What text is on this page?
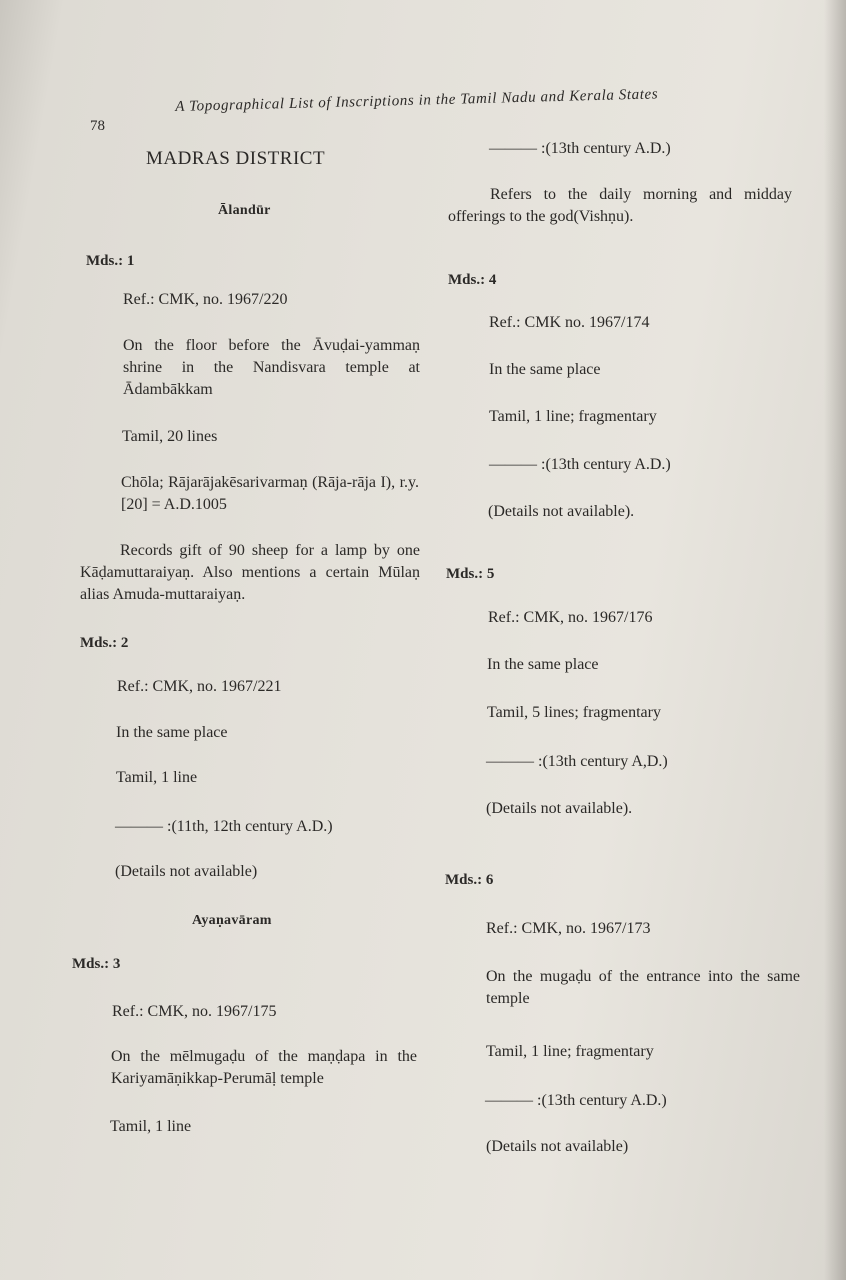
78
A Topographical List of Inscriptions in the Tamil Nadu and Kerala States
MADRAS DISTRICT
Ālandūr
Mds.: 1
Ref.: CMK, no. 1967/220
On the floor before the Āvuḍai-yammaṇ shrine in the Nandisvara temple at Ādambākkam
Tamil, 20 lines
Chōla; Rājarājakēsarivarmaṇ (Rāja-rāja I), r.y.[20] = A.D.1005
Records gift of 90 sheep for a lamp by one Kāḍamuttaraiyaṇ. Also mentions a certain Mūlaṇ alias Amuda-muttaraiyaṇ.
Mds.: 2
Ref.: CMK, no. 1967/221
In the same place
Tamil, 1 line
——— :(11th, 12th century A.D.)
(Details not available)
Ayaṇavāram
Mds.: 3
Ref.: CMK, no. 1967/175
On the mēlmugaḍu of the maṇḍapa in the Kariyamāṇikkap-Perumāḷ temple
Tamil, 1 line
——— :(13th century A.D.)
Refers to the daily morning and midday offerings to the god(Vishṇu).
Mds.: 4
Ref.: CMK no. 1967/174
In the same place
Tamil, 1 line; fragmentary
——— :(13th century A.D.)
(Details not available).
Mds.: 5
Ref.: CMK, no. 1967/176
In the same place
Tamil, 5 lines; fragmentary
——— :(13th century A,D.)
(Details not available).
Mds.: 6
Ref.: CMK, no. 1967/173
On the mugaḍu of the entrance into the same temple
Tamil, 1 line; fragmentary
——— :(13th century A.D.)
(Details not available)
